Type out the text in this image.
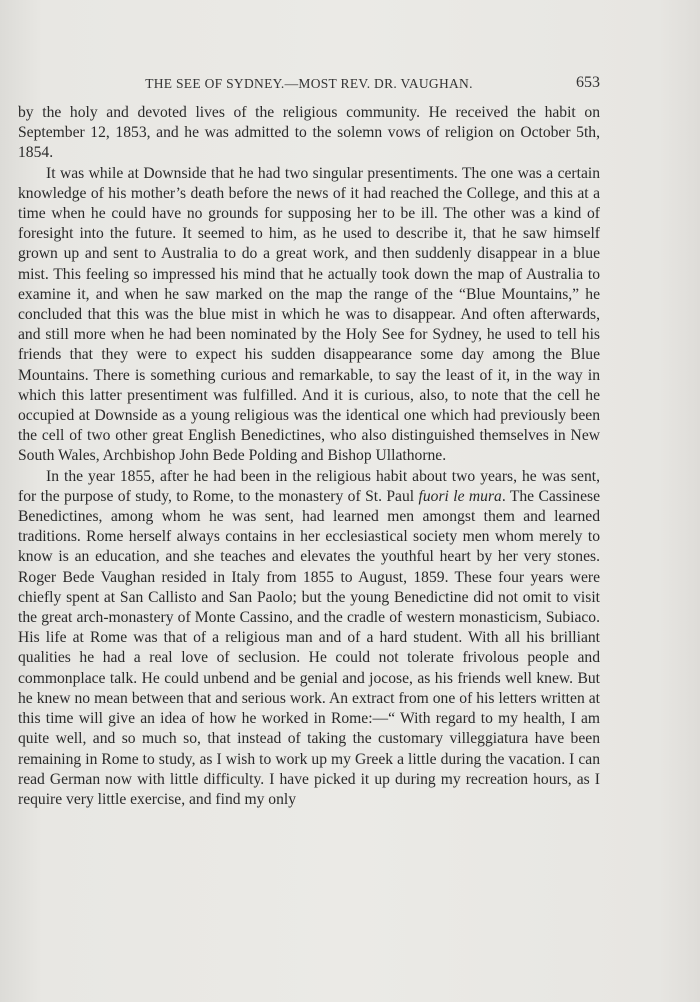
THE SEE OF SYDNEY.—MOST REV. DR. VAUGHAN.	653

by the holy and devoted lives of the religious community. He received the habit on September 12, 1853, and he was admitted to the solemn vows of religion on October 5th, 1854.

It was while at Downside that he had two singular presentiments. The one was a certain knowledge of his mother’s death before the news of it had reached the College, and this at a time when he could have no grounds for supposing her to be ill. The other was a kind of foresight into the future. It seemed to him, as he used to describe it, that he saw himself grown up and sent to Australia to do a great work, and then suddenly disappear in a blue mist. This feeling so impressed his mind that he actually took down the map of Australia to examine it, and when he saw marked on the map the range of the “Blue Mountains,” he concluded that this was the blue mist in which he was to disappear. And often afterwards, and still more when he had been nominated by the Holy See for Sydney, he used to tell his friends that they were to expect his sudden disappearance some day among the Blue Mountains. There is something curious and remarkable, to say the least of it, in the way in which this latter presentiment was fulfilled. And it is curious, also, to note that the cell he occupied at Downside as a young religious was the identical one which had previously been the cell of two other great English Benedictines, who also distinguished themselves in New South Wales, Archbishop John Bede Polding and Bishop Ullathorne.

In the year 1855, after he had been in the religious habit about two years, he was sent, for the purpose of study, to Rome, to the monastery of St. Paul fuori le mura. The Cassinese Benedictines, among whom he was sent, had learned men amongst them and learned traditions. Rome herself always contains in her ecclesiastical society men whom merely to know is an education, and she teaches and elevates the youthful heart by her very stones. Roger Bede Vaughan resided in Italy from 1855 to August, 1859. These four years were chiefly spent at San Callisto and San Paolo; but the young Benedictine did not omit to visit the great arch-monastery of Monte Cassino, and the cradle of western monasticism, Subiaco. His life at Rome was that of a religious man and of a hard student. With all his brilliant qualities he had a real love of seclusion. He could not tolerate frivolous people and commonplace talk. He could unbend and be genial and jocose, as his friends well knew. But he knew no mean between that and serious work. An extract from one of his letters written at this time will give an idea of how he worked in Rome:—“ With regard to my health, I am quite well, and so much so, that instead of taking the customary villeggiatura have been remaining in Rome to study, as I wish to work up my Greek a little during the vacation. I can read German now with little difficulty. I have picked it up during my recreation hours, as I require very little exercise, and find my only
